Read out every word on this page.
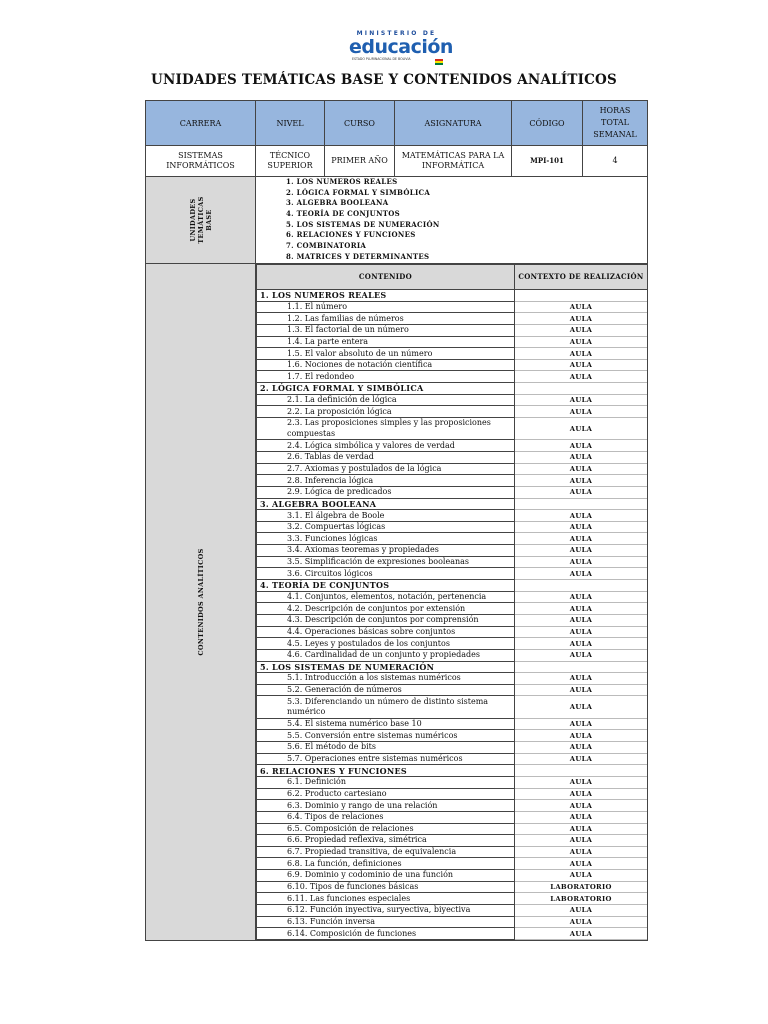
MINISTERIO DE
educación
ESTADO PLURINACIONAL DE BOLIVIA
UNIDADES TEMÁTICAS BASE Y CONTENIDOS ANALÍTICOS
CARRERA	NIVEL	CURSO	ASIGNATURA	CÓDIGO	HORAS TOTAL SEMANAL
SISTEMAS INFORMÁTICOS	TÉCNICO SUPERIOR	PRIMER AÑO	MATEMÁTICAS PARA LA INFORMÁTICA	MPI-101	4

UNIDADES TEMÁTICAS BASE

1. LOS NUMEROS REALES
2. LÓGICA FORMAL Y SIMBÓLICA
3. ALGEBRA BOOLEANA
4. TEORÍA DE CONJUNTOS
5. LOS SISTEMAS DE NUMERACIÓN
6. RELACIONES Y FUNCIONES
7. COMBINATORIA
8. MATRICES Y DETERMINANTES

CONTENIDOS ANALÍTICOS

CONTENIDO	CONTEXTO DE REALIZACIÓN
1. LOS NUMEROS REALES	
1.1. El número	AULA
1.2. Las familias de números	AULA
1.3. El factorial de un número	AULA
1.4. La parte entera	AULA
1.5. El valor absoluto de un número	AULA
1.6. Nociones de notación científica	AULA
1.7. El redondeo	AULA
2. LÓGICA FORMAL Y SIMBÓLICA	
2.1. La definición de lógica	AULA
2.2. La proposición lógica	AULA
2.3. Las proposiciones simples y las proposiciones compuestas	AULA
2.4. Lógica simbólica y valores de verdad	AULA
2.6. Tablas de verdad	AULA
2.7. Axiomas y postulados de la lógica	AULA
2.8. Inferencia lógica	AULA
2.9. Lógica de predicados	AULA
3. ALGEBRA BOOLEANA	
3.1. El álgebra de Boole	AULA
3.2. Compuertas lógicas	AULA
3.3. Funciones lógicas	AULA
3.4. Axiomas teoremas y propiedades	AULA
3.5. Simplificación de expresiones booleanas	AULA
3.6. Circuitos lógicos	AULA
4. TEORÍA DE CONJUNTOS	
4.1. Conjuntos, elementos, notación, pertenencia	AULA
4.2. Descripción de conjuntos por extensión	AULA
4.3. Descripción de conjuntos por comprensión	AULA
4.4. Operaciones básicas sobre conjuntos	AULA
4.5. Leyes y postulados de los conjuntos	AULA
4.6. Cardinalidad de un conjunto y propiedades	AULA
5. LOS SISTEMAS DE NUMERACIÓN	
5.1. Introducción a los sistemas numéricos	AULA
5.2. Generación de números	AULA
5.3. Diferenciando un número de distinto sistema numérico	AULA
5.4. El sistema numérico base 10	AULA
5.5. Conversión entre sistemas numéricos	AULA
5.6. El método de bits	AULA
5.7. Operaciones entre sistemas numéricos	AULA
6. RELACIONES Y FUNCIONES	
6.1. Definición	AULA
6.2. Producto cartesiano	AULA
6.3. Dominio y rango de una relación	AULA
6.4. Tipos de relaciones	AULA
6.5. Composición de relaciones	AULA
6.6. Propiedad reflexiva, simétrica	AULA
6.7. Propiedad transitiva, de equivalencia	AULA
6.8. La función, definiciones	AULA
6.9. Dominio y codominio de una función	AULA
6.10. Tipos de funciones básicas	LABORATORIO
6.11. Las funciones especiales	LABORATORIO
6.12. Función inyectiva, suryectiva, biyectiva	AULA
6.13. Función inversa	AULA
6.14. Composición de funciones	AULA
